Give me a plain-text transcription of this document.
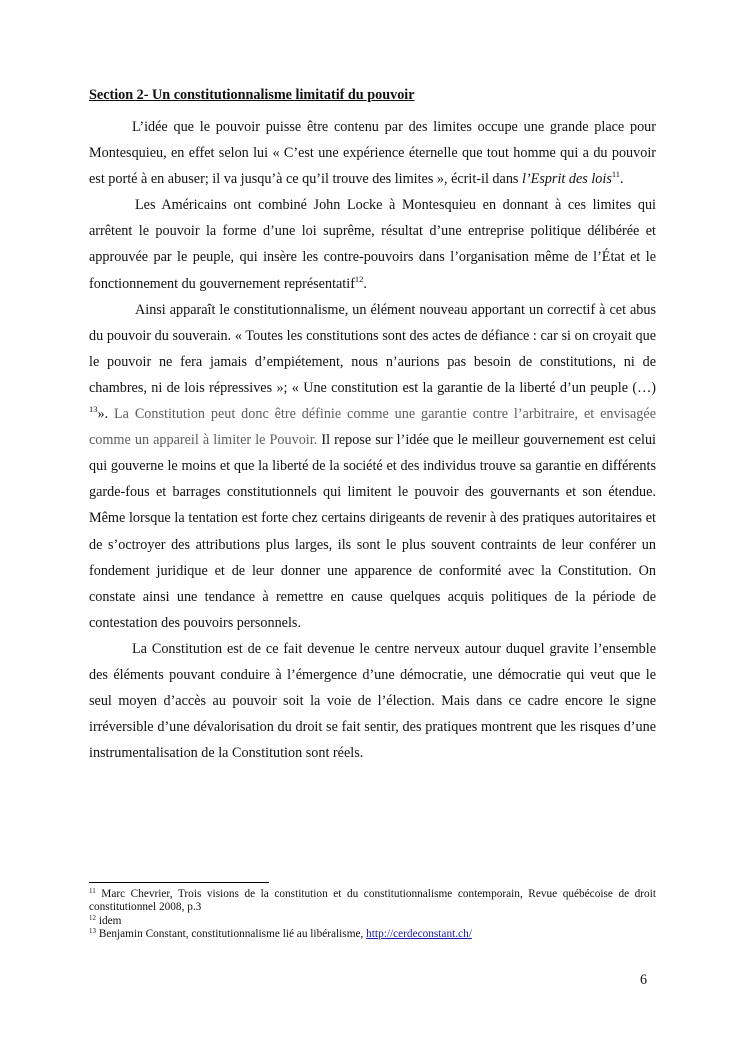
Section 2- Un constitutionnalisme limitatif du pouvoir

L’idée que le pouvoir puisse être contenu par des limites occupe une grande place pour Montesquieu, en effet selon lui « C’est une expérience éternelle que tout homme qui a du pouvoir est porté à en abuser; il va jusqu’à ce qu’il trouve des limites », écrit-il dans l’Esprit des lois$^{11}$.

Les Américains ont combiné John Locke à Montesquieu en donnant à ces limites qui arrêtent le pouvoir la forme d’une loi suprême, résultat d’une entreprise politique délibérée et approuvée par le peuple, qui insère les contre-pouvoirs dans l’organisation même de l’État et le fonctionnement du gouvernement représentatif$^{12}$.

Ainsi apparaît le constitutionnalisme, un élément nouveau apportant un correctif à cet abus du pouvoir du souverain. « Toutes les constitutions sont des actes de défiance : car si on croyait que le pouvoir ne fera jamais d’empiétement, nous n’aurions pas besoin de constitutions, ni de chambres, ni de lois répressives »; « Une constitution est la garantie de la liberté d’un peuple (…) $^{13}$». La Constitution peut donc être définie comme une garantie contre l’arbitraire, et envisagée comme un appareil à limiter le Pouvoir. Il repose sur l’idée que le meilleur gouvernement est celui qui gouverne le moins et que la liberté de la société et des individus trouve sa garantie en différents garde-fous et barrages constitutionnels qui limitent le pouvoir des gouvernants et son étendue. Même lorsque la tentation est forte chez certains dirigeants de revenir à des pratiques autoritaires et de s’octroyer des attributions plus larges, ils sont le plus souvent contraints de leur conférer un fondement juridique et de leur donner une apparence de conformité avec la Constitution. On constate ainsi une tendance à remettre en cause quelques acquis politiques de la période de contestation des pouvoirs personnels.

La Constitution est de ce fait devenue le centre nerveux autour duquel gravite l’ensemble des éléments pouvant conduire à l’émergence d’une démocratie, une démocratie qui veut que le seul moyen d’accès au pouvoir soit la voie de l’élection. Mais dans ce cadre encore le signe irréversible d’une dévalorisation du droit se fait sentir, des pratiques montrent que les risques d’une instrumentalisation de la Constitution sont réels.

$^{11}$ Marc Chevrier, Trois visions de la constitution et du constitutionnalisme contemporain, Revue québécoise de droit constitutionnel 2008, p.3

$^{12}$ idem

$^{13}$ Benjamin Constant, constitutionnalisme lié au libéralisme, http://cerdeconstant.ch/

6
